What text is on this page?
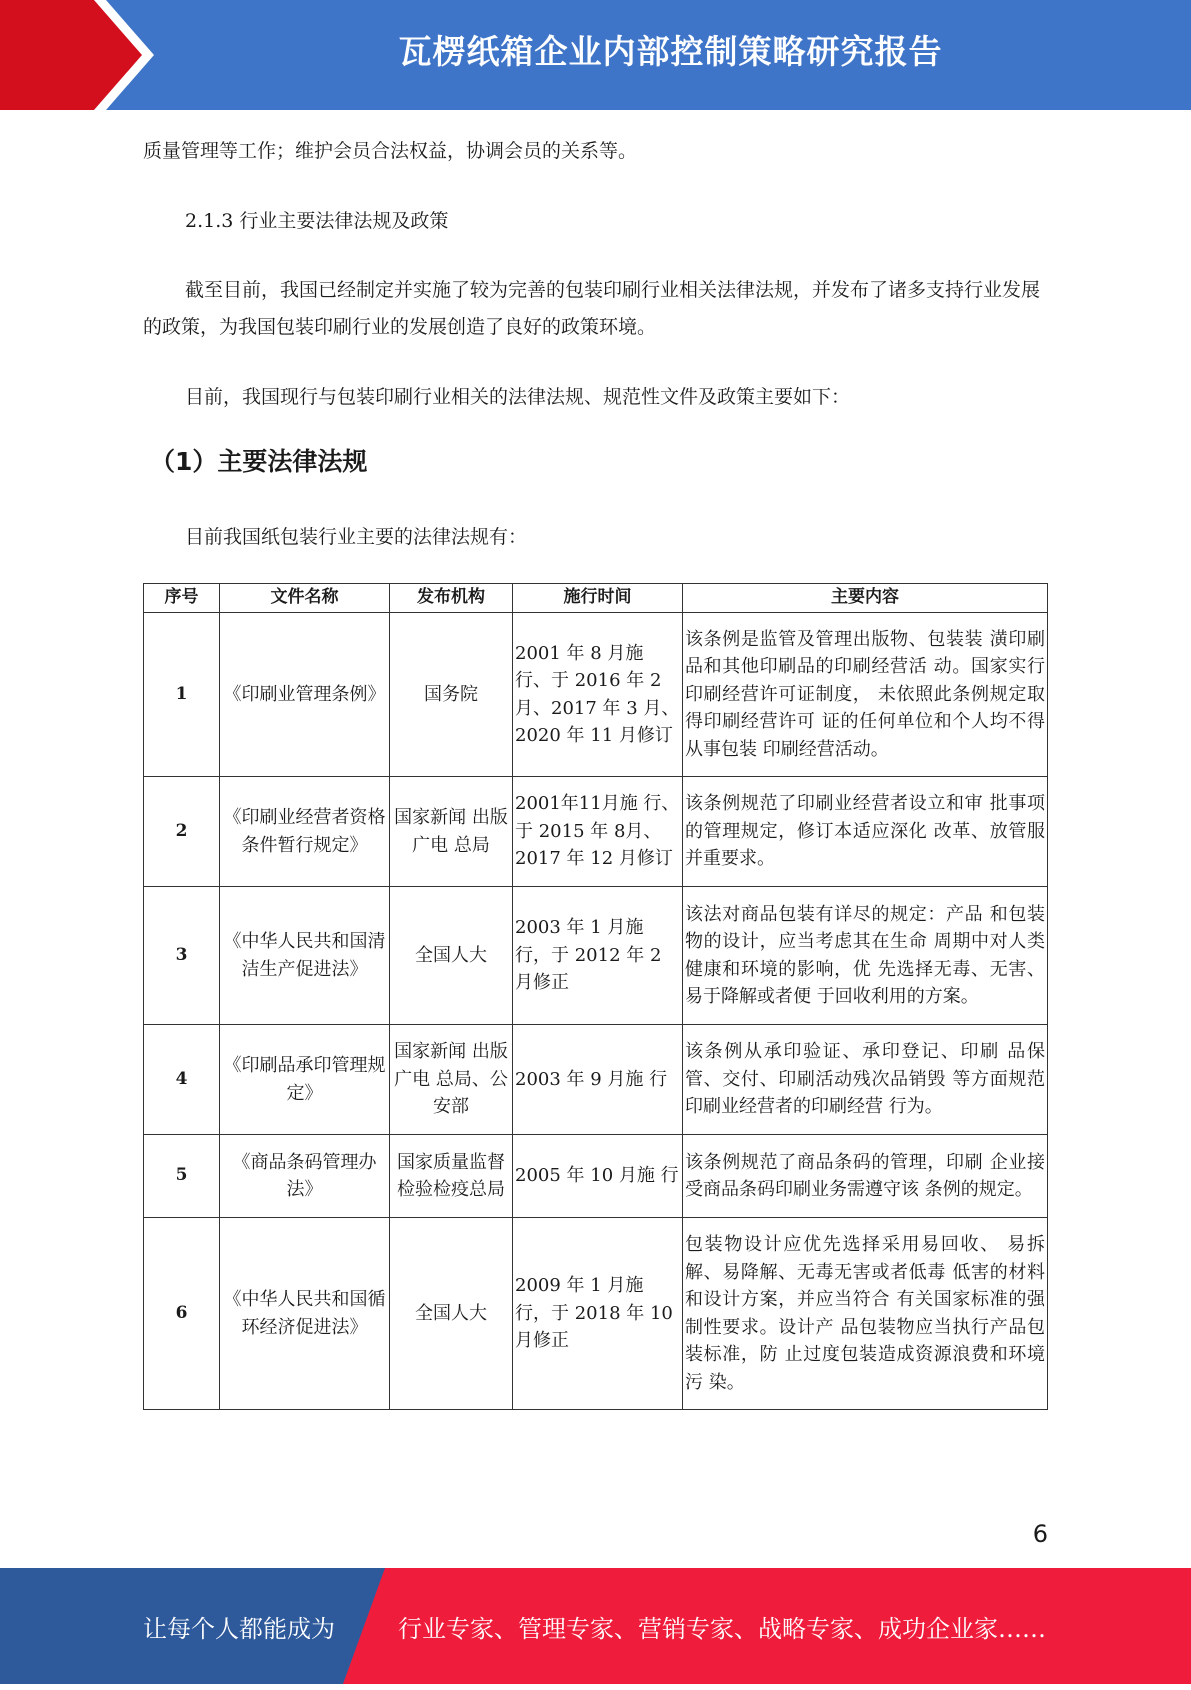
瓦楞纸箱企业内部控制策略研究报告

质量管理等工作；维护会员合法权益，协调会员的关系等。

2.1.3 行业主要法律法规及政策

截至目前，我国已经制定并实施了较为完善的包装印刷行业相关法律法规，并发布了诸多支持行业发展的政策，为我国包装印刷行业的发展创造了良好的政策环境。

目前，我国现行与包装印刷行业相关的法律法规、规范性文件及政策主要如下：

（1）主要法律法规

目前我国纸包装行业主要的法律法规有：

序号	文件名称	发布机构	施行时间	主要内容
1	《印刷业管理条例》	国务院	2001 年 8 月施 行、于 2016 年 2 月、2017 年 3 月、2020 年 11 月修订	该条例是监管及管理出版物、包装装 潢印刷品和其他印刷品的印刷经营活 动。国家实行印刷经营许可证制度， 未依照此条例规定取得印刷经营许可 证的任何单位和个人均不得从事包装 印刷经营活动。
2	《印刷业经营者资格条件暂行规定》	国家新闻 出版广电 总局	2001年11月施 行、于 2015 年 8月、2017 年 12 月修订	该条例规范了印刷业经营者设立和审 批事项的管理规定，修订本适应深化 改革、放管服并重要求。
3	《中华人民共和国清洁生产促进法》	全国人大	2003 年 1 月施 行，于 2012 年 2 月修正	该法对商品包装有详尽的规定：产品 和包装物的设计，应当考虑其在生命 周期中对人类健康和环境的影响，优 先选择无毒、无害、易于降解或者便 于回收利用的方案。
4	《印刷品承印管理规定》	国家新闻 出版广电 总局、公 安部	2003 年 9 月施 行	该条例从承印验证、承印登记、印刷 品保管、交付、印刷活动残次品销毁 等方面规范印刷业经营者的印刷经营 行为。
5	《商品条码管理办法》	国家质量监督检验检疫总局	2005 年 10 月施 行	该条例规范了商品条码的管理，印刷 企业接受商品条码印刷业务需遵守该 条例的规定。
6	《中华人民共和国循环经济促进法》	全国人大	2009 年 1 月施 行，于 2018 年 10 月修正	包装物设计应优先选择采用易回收、 易拆解、易降解、无毒无害或者低毒 低害的材料和设计方案，并应当符合 有关国家标准的强制性要求。设计产 品包装物应当执行产品包装标准，防 止过度包装造成资源浪费和环境污 染。
6
让每个人都能成为	行业专家、管理专家、营销专家、战略专家、成功企业家……
